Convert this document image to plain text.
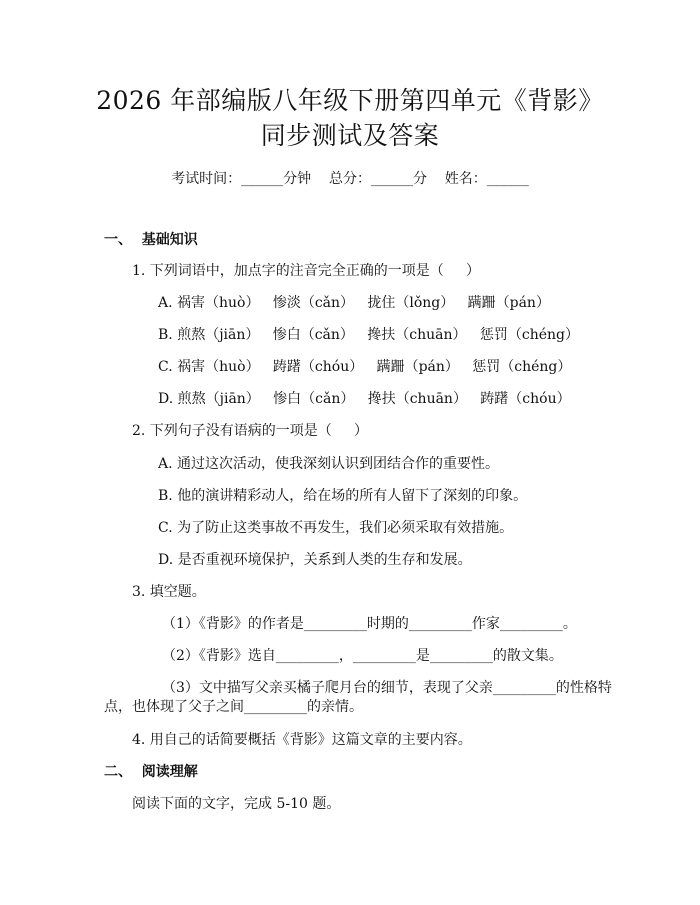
2026 年部编版八年级下册第四单元《背影》
同步测试及答案
考试时间：______分钟    总分：______分    姓名：______
一、  基础知识
1. 下列词语中，加点字的注音完全正确的一项是（     ）
A. 祸害（huò）   惨淡（cǎn）   拢住（lǒng）   蹒跚（pán）
B. 煎熬（jiān）   惨白（cǎn）   搀扶（chuān）   惩罚（chéng）
C. 祸害（huò）   踌躇（chóu）   蹒跚（pán）   惩罚（chéng）
D. 煎熬（jiān）   惨白（cǎn）   搀扶（chuān）   踌躇（chóu）
2. 下列句子没有语病的一项是（     ）
A. 通过这次活动，使我深刻认识到团结合作的重要性。
B. 他的演讲精彩动人，给在场的所有人留下了深刻的印象。
C. 为了防止这类事故不再发生，我们必须采取有效措施。
D. 是否重视环境保护，关系到人类的生存和发展。
3. 填空题。
（1）《背影》的作者是_________时期的_________作家_________。
（2）《背影》选自_________，_________是_________的散文集。
（3）文中描写父亲买橘子爬月台的细节，表现了父亲_________的性格特
点，也体现了父子之间_________的亲情。
4. 用自己的话简要概括《背影》这篇文章的主要内容。
二、  阅读理解
阅读下面的文字，完成 5-10 题。
